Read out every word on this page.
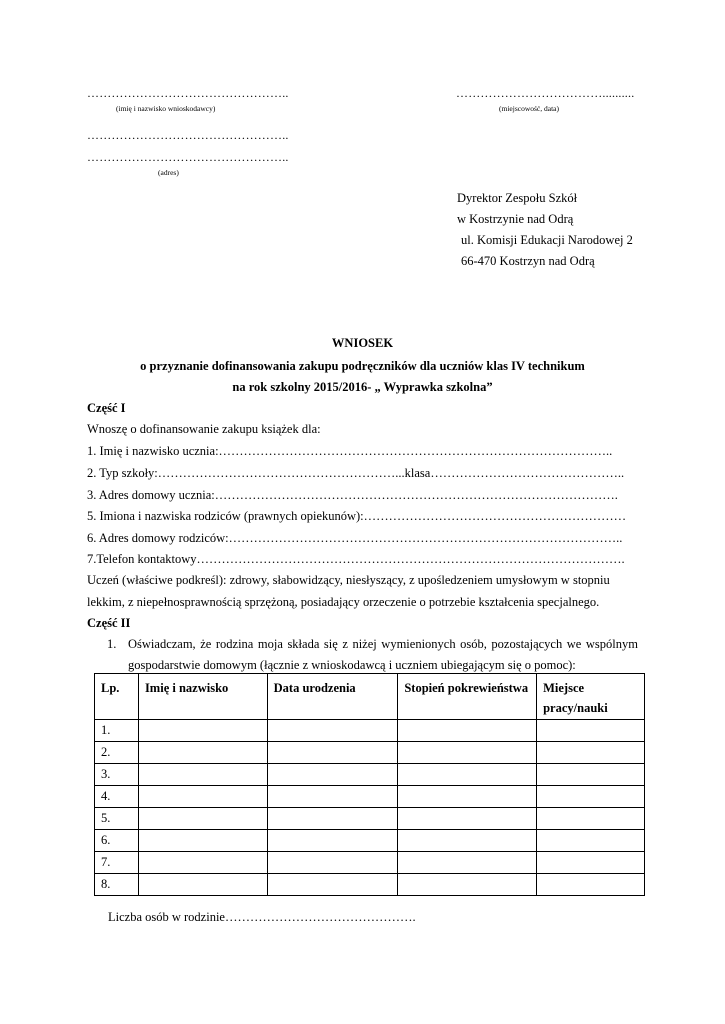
…………………………………………..
(imię i nazwisko wnioskodawcy)
………………………………..........
(miejscowość, data)
…………………………………………..
…………………………………………..
(adres)
Dyrektor Zespołu Szkół
w Kostrzynie nad Odrą
ul. Komisji Edukacji Narodowej 2
66-470 Kostrzyn nad Odrą
WNIOSEK
o przyznanie dofinansowania zakupu podręczników dla uczniów klas IV technikum
na rok szkolny 2015/2016- „ Wyprawka szkolna”
Część I
Wnoszę o dofinansowanie zakupu książek dla:
1. Imię i nazwisko ucznia:…………………………………………………………………………………..
2. Typ szkoły:…………………………………………………...klasa………………………………………..
3. Adres domowy ucznia:…………………………………………………………………………………….
5. Imiona i nazwiska rodziców (prawnych opiekunów):………………………………………………………
6. Adres domowy rodziców:…………………………………………………………………………………..
7.Telefon kontaktowy………………………………………………………………………………………….
Uczeń (właściwe podkreśl): zdrowy, słabowidzący, niesłyszący, z upośledzeniem umysłowym w stopniu
lekkim, z niepełnosprawnością sprzężoną, posiadający orzeczenie o potrzebie kształcenia specjalnego.
Część II
1. Oświadczam, że rodzina moja składa się z niżej wymienionych osób, pozostających we wspólnym
gospodarstwie domowym (łącznie z wnioskodawcą i uczniem ubiegającym się o pomoc):
Lp.	Imię i nazwisko	Data urodzenia	Stopień pokrewieństwa	Miejsce pracy/nauki
1.				
2.				
3.				
4.				
5.				
6.				
7.				
8.				
Liczba osób w rodzinie……………………………………….
